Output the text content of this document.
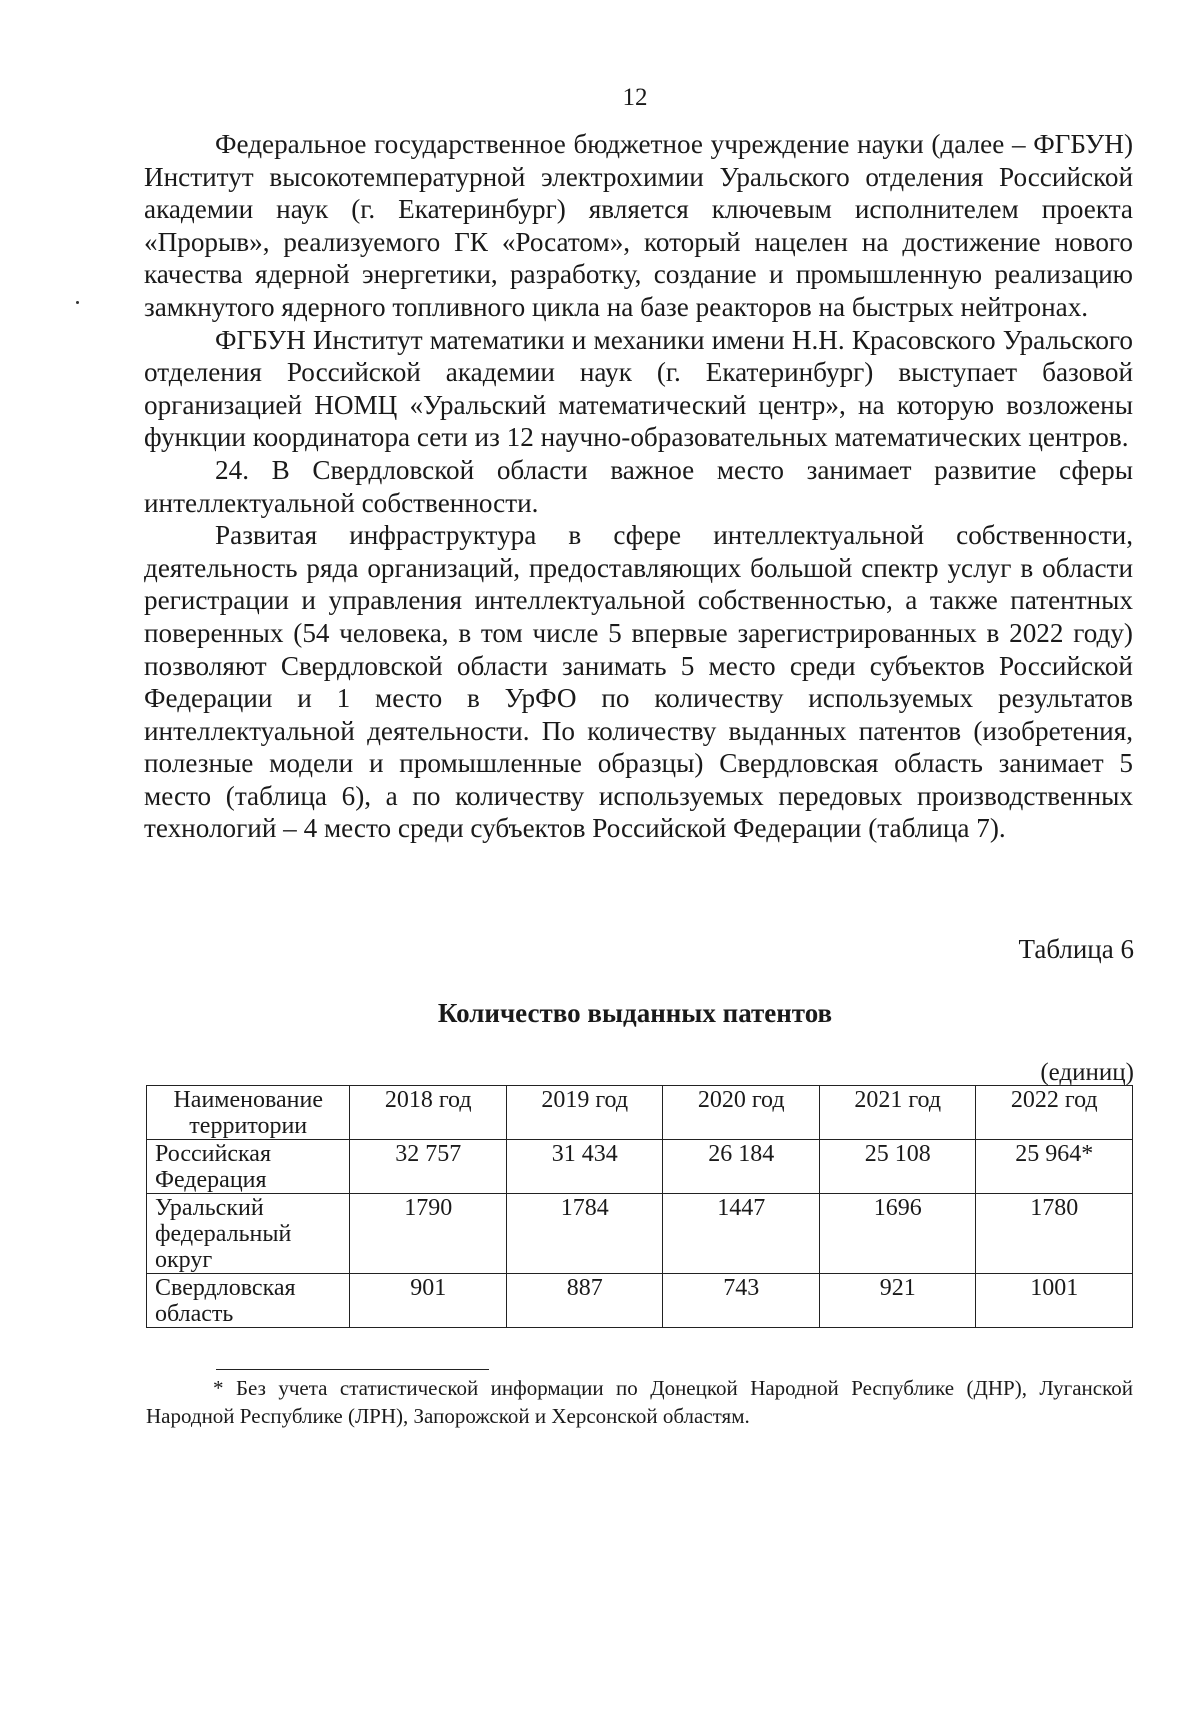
12

Федеральное государственное бюджетное учреждение науки (далее – ФГБУН) Институт высокотемпературной электрохимии Уральского отделения Российской академии наук (г. Екатеринбург) является ключевым исполнителем проекта «Прорыв», реализуемого ГК «Росатом», который нацелен на достижение нового качества ядерной энергетики, разработку, создание и промышленную реализацию замкнутого ядерного топливного цикла на базе реакторов на быстрых нейтронах.

ФГБУН Институт математики и механики имени Н.Н. Красовского Уральского отделения Российской академии наук (г. Екатеринбург) выступает базовой организацией НОМЦ «Уральский математический центр», на которую возложены функции координатора сети из 12 научно-образовательных математических центров.

24. В Свердловской области важное место занимает развитие сферы интеллектуальной собственности.

Развитая инфраструктура в сфере интеллектуальной собственности, деятельность ряда организаций, предоставляющих большой спектр услуг в области регистрации и управления интеллектуальной собственностью, а также патентных поверенных (54 человека, в том числе 5 впервые зарегистрированных в 2022 году) позволяют Свердловской области занимать 5 место среди субъектов Российской Федерации и 1 место в УрФО по количеству используемых результатов интеллектуальной деятельности. По количеству выданных патентов (изобретения, полезные модели и промышленные образцы) Свердловская область занимает 5 место (таблица 6), а по количеству используемых передовых производственных технологий – 4 место среди субъектов Российской Федерации (таблица 7).

Таблица 6
Количество выданных патентов
(единиц)
Наименование территории	2018 год	2019 год	2020 год	2021 год	2022 год
Российская Федерация	32 757	31 434	26 184	25 108	25 964*
Уральский федеральный округ	1790	1784	1447	1696	1780
Свердловская область	901	887	743	921	1001

* Без учета статистической информации по Донецкой Народной Республике (ДНР), Луганской Народной Республике (ЛРН), Запорожской и Херсонской областям.
